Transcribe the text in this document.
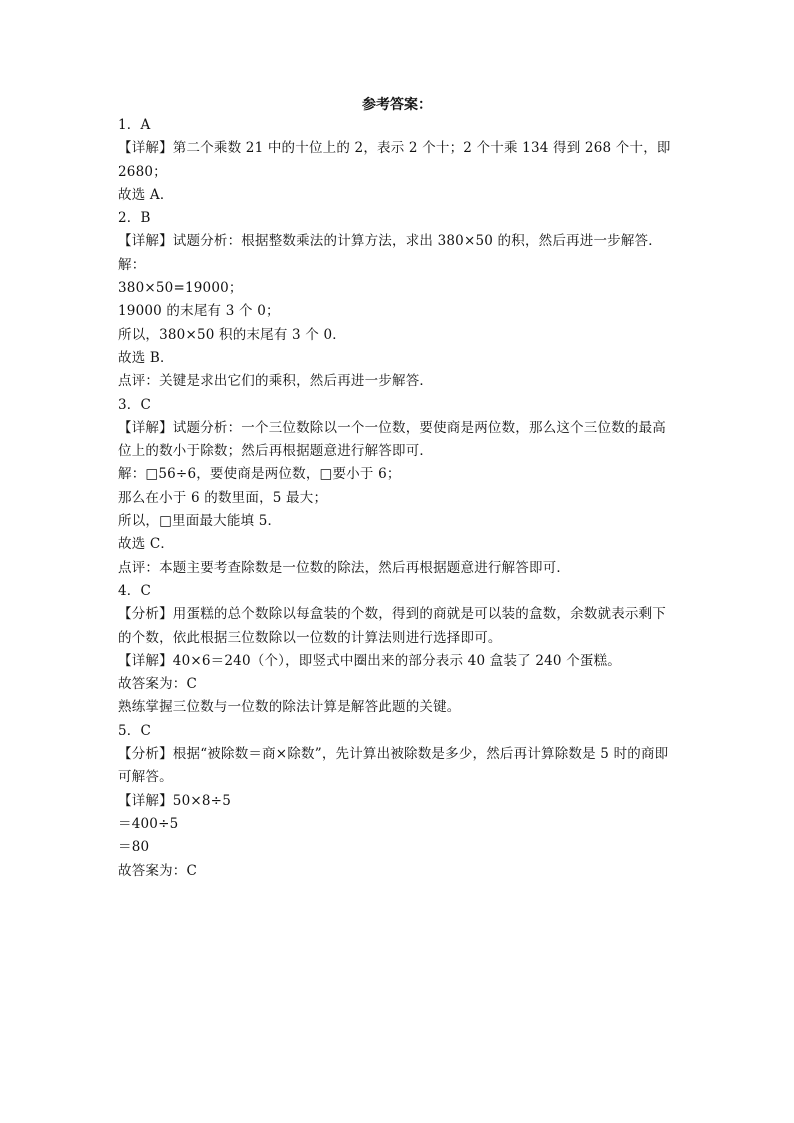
参考答案：
1．A
【详解】第二个乘数 21 中的十位上的 2，表示 2 个十；2 个十乘 134 得到 268 个十，即
2680；
故选 A．
2．B
【详解】试题分析：根据整数乘法的计算方法，求出 380×50 的积，然后再进一步解答．
解：
380×50=19000；
19000 的末尾有 3 个 0；
所以，380×50 积的末尾有 3 个 0．
故选 B．
点评：关键是求出它们的乘积，然后再进一步解答．
3．C
【详解】试题分析：一个三位数除以一个一位数，要使商是两位数，那么这个三位数的最高
位上的数小于除数；然后再根据题意进行解答即可．
解：□56÷6，要使商是两位数，□要小于 6；
那么在小于 6 的数里面，5 最大；
所以，□里面最大能填 5．
故选 C．
点评：本题主要考查除数是一位数的除法，然后再根据题意进行解答即可．
4．C
【分析】用蛋糕的总个数除以每盒装的个数，得到的商就是可以装的盒数，余数就表示剩下
的个数，依此根据三位数除以一位数的计算法则进行选择即可。
【详解】40×6＝240（个），即竖式中圈出来的部分表示 40 盒装了 240 个蛋糕。
故答案为：C
熟练掌握三位数与一位数的除法计算是解答此题的关键。
5．C
【分析】根据“被除数＝商×除数”，先计算出被除数是多少，然后再计算除数是 5 时的商即
可解答。
【详解】50×8÷5
＝400÷5
＝80
故答案为：C
